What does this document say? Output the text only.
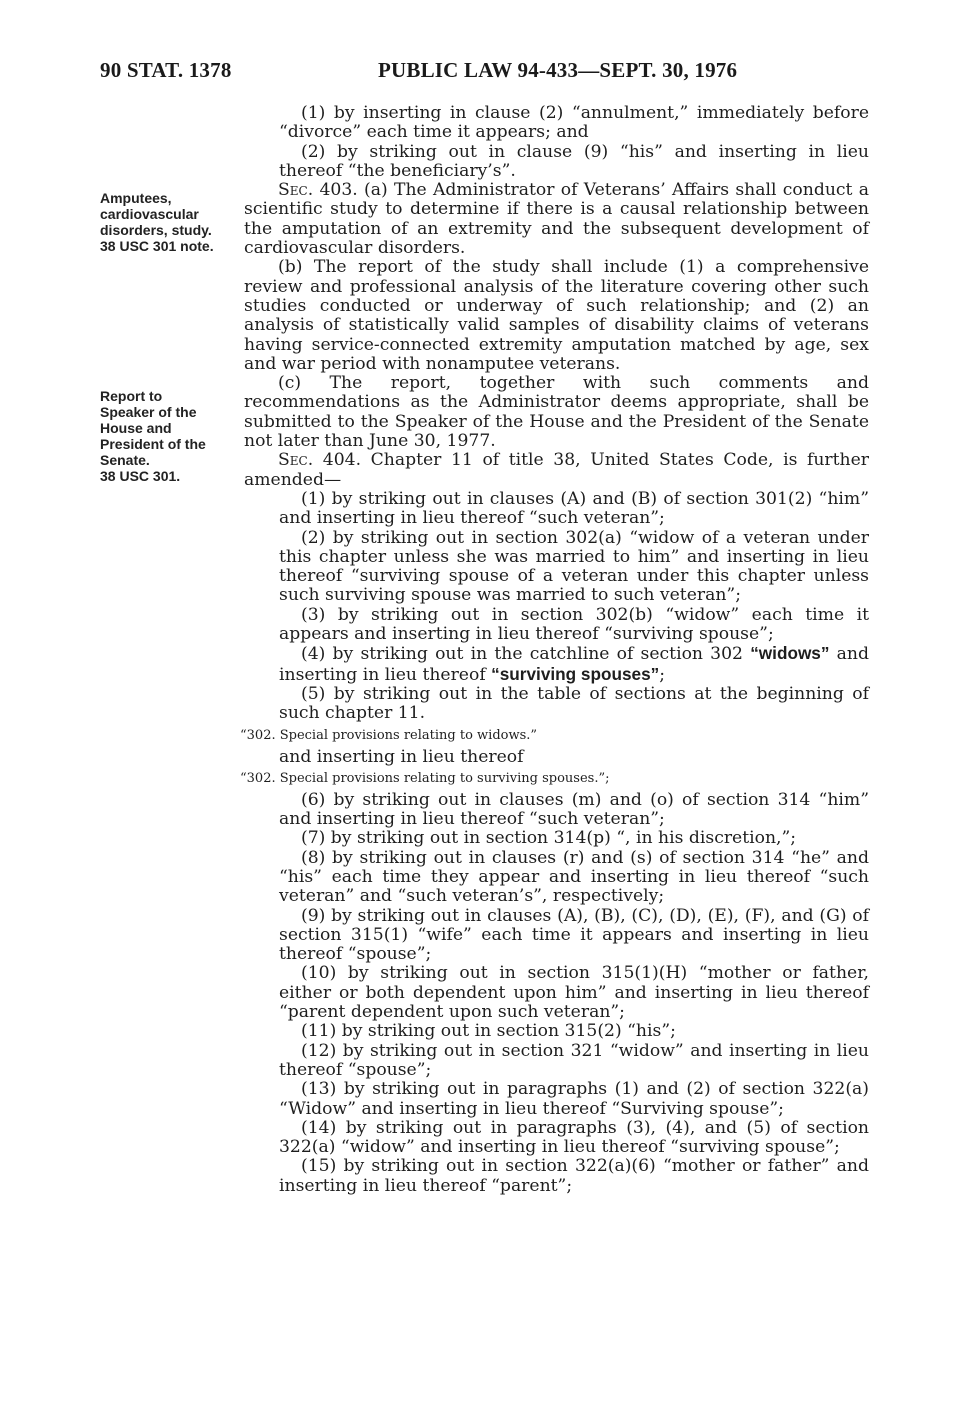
90 STAT. 1378	PUBLIC LAW 94-433—SEPT. 30, 1976
Amputees,
cardiovascular
disorders, study.
38 USC 301 note.
Report to
Speaker of the
House and
President of the
Senate.
38 USC 301.

(1) by inserting in clause (2) “annulment,” immediately before “divorce” each time it appears; and

(2) by striking out in clause (9) “his” and inserting in lieu thereof “the beneficiary’s”.

Sec. 403. (a) The Administrator of Veterans’ Affairs shall conduct a scientific study to determine if there is a causal relationship between the amputation of an extremity and the subsequent development of cardiovascular disorders.

(b) The report of the study shall include (1) a comprehensive review and professional analysis of the literature covering other such studies conducted or underway of such relationship; and (2) an analysis of statistically valid samples of disability claims of veterans having service-connected extremity amputation matched by age, sex and war period with nonamputee veterans.

(c) The report, together with such comments and recommendations as the Administrator deems appropriate, shall be submitted to the Speaker of the House and the President of the Senate not later than June 30, 1977.

Sec. 404. Chapter 11 of title 38, United States Code, is further amended—

(1) by striking out in clauses (A) and (B) of section 301(2) “him” and inserting in lieu thereof “such veteran”;

(2) by striking out in section 302(a) “widow of a veteran under this chapter unless she was married to him” and inserting in lieu thereof “surviving spouse of a veteran under this chapter unless such surviving spouse was married to such veteran”;

(3) by striking out in section 302(b) “widow” each time it appears and inserting in lieu thereof “surviving spouse”;

(4) by striking out in the catchline of section 302 “widows” and inserting in lieu thereof “surviving spouses”;

(5) by striking out in the table of sections at the beginning of such chapter 11.

“302. Special provisions relating to widows.”

and inserting in lieu thereof

“302. Special provisions relating to surviving spouses.”;

(6) by striking out in clauses (m) and (o) of section 314 “him” and inserting in lieu thereof “such veteran”;

(7) by striking out in section 314(p) “, in his discretion,”;

(8) by striking out in clauses (r) and (s) of section 314 “he” and “his” each time they appear and inserting in lieu thereof “such veteran” and “such veteran’s”, respectively;

(9) by striking out in clauses (A), (B), (C), (D), (E), (F), and (G) of section 315(1) “wife” each time it appears and inserting in lieu thereof “spouse”;

(10) by striking out in section 315(1)(H) “mother or father, either or both dependent upon him” and inserting in lieu thereof “parent dependent upon such veteran”;

(11) by striking out in section 315(2) “his”;

(12) by striking out in section 321 “widow” and inserting in lieu thereof “spouse”;

(13) by striking out in paragraphs (1) and (2) of section 322(a) “Widow” and inserting in lieu thereof “Surviving spouse”;

(14) by striking out in paragraphs (3), (4), and (5) of section 322(a) “widow” and inserting in lieu thereof “surviving spouse”;

(15) by striking out in section 322(a)(6) “mother or father” and inserting in lieu thereof “parent”;
